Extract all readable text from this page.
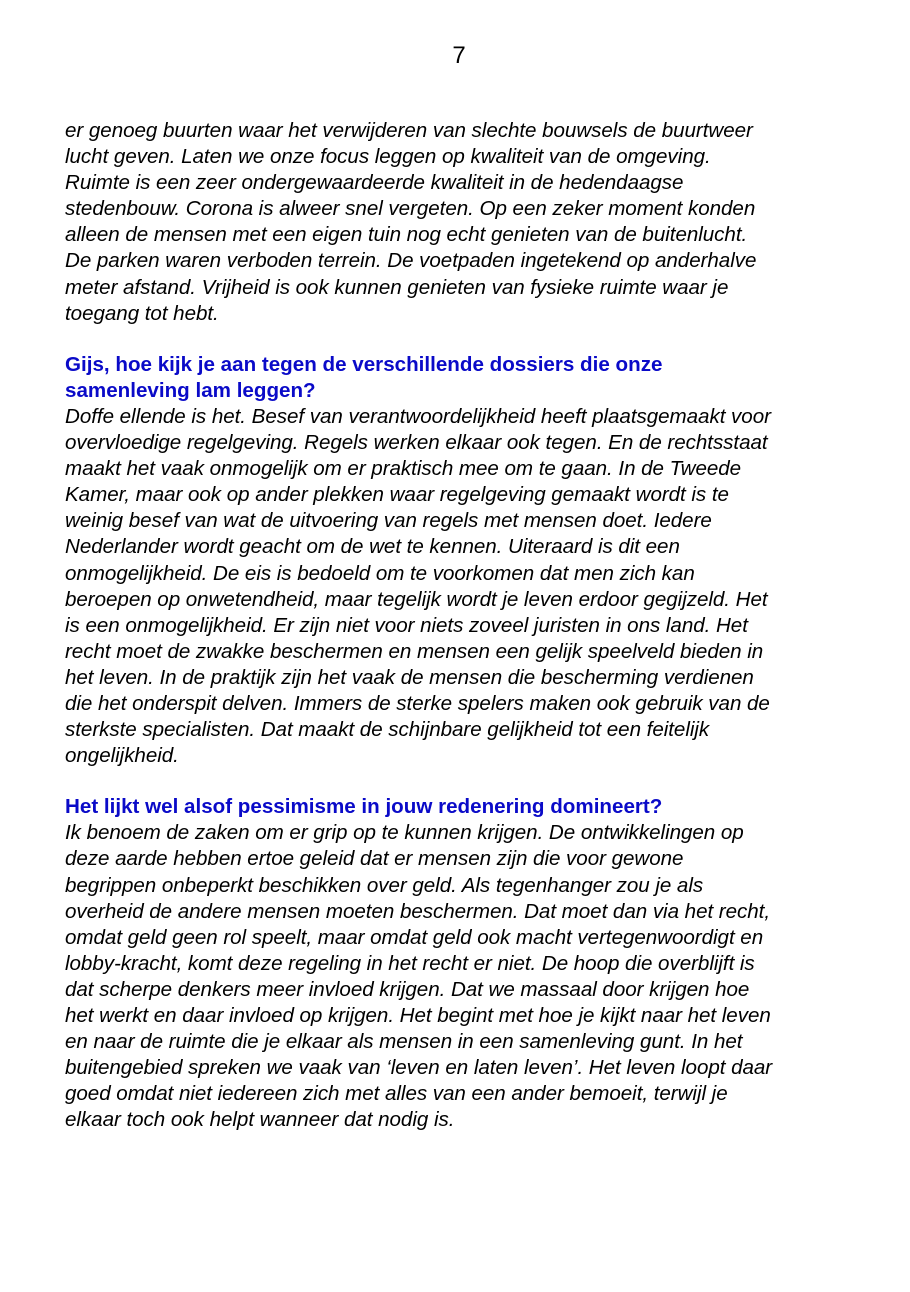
7
er genoeg buurten waar het verwijderen van slechte bouwsels de buurtweer
lucht geven. Laten we onze focus leggen op kwaliteit van de omgeving.
Ruimte is een zeer ondergewaardeerde kwaliteit in de hedendaagse
stedenbouw. Corona is alweer snel vergeten. Op een zeker moment konden
alleen de mensen met een eigen tuin nog echt genieten van de buitenlucht.
De parken waren verboden terrein. De voetpaden ingetekend op anderhalve
meter afstand. Vrijheid is ook kunnen genieten van fysieke ruimte waar je
toegang tot hebt.
Gijs, hoe kijk je aan tegen de verschillende dossiers die onze
samenleving lam leggen?
Doffe ellende is het. Besef van verantwoordelijkheid heeft plaatsgemaakt voor
overvloedige regelgeving. Regels werken elkaar ook tegen. En de rechtsstaat
maakt het vaak onmogelijk om er praktisch mee om te gaan. In de Tweede
Kamer, maar ook op ander plekken waar regelgeving gemaakt wordt is te
weinig besef van wat de uitvoering van regels met mensen doet. Iedere
Nederlander wordt geacht om de wet te kennen. Uiteraard is dit een
onmogelijkheid. De eis is bedoeld om te voorkomen dat men zich kan
beroepen op onwetendheid, maar tegelijk wordt je leven erdoor gegijzeld. Het
is een onmogelijkheid. Er zijn niet voor niets zoveel juristen in ons land. Het
recht moet de zwakke beschermen en mensen een gelijk speelveld bieden in
het leven. In de praktijk zijn het vaak de mensen die bescherming verdienen
die het onderspit delven. Immers de sterke spelers maken ook gebruik van de
sterkste specialisten. Dat maakt de schijnbare gelijkheid tot een feitelijk
ongelijkheid.
Het lijkt wel alsof pessimisme in jouw redenering domineert?
Ik benoem de zaken om er grip op te kunnen krijgen. De ontwikkelingen op
deze aarde hebben ertoe geleid dat er mensen zijn die voor gewone
begrippen onbeperkt beschikken over geld. Als tegenhanger zou je als
overheid de andere mensen moeten beschermen. Dat moet dan via het recht,
omdat geld geen rol speelt, maar omdat geld ook macht vertegenwoordigt en
lobby-kracht, komt deze regeling in het recht er niet. De hoop die overblijft is
dat scherpe denkers meer invloed krijgen. Dat we massaal door krijgen hoe
het werkt en daar invloed op krijgen. Het begint met hoe je kijkt naar het leven
en naar de ruimte die je elkaar als mensen in een samenleving gunt. In het
buitengebied spreken we vaak van ‘leven en laten leven’. Het leven loopt daar
goed omdat niet iedereen zich met alles van een ander bemoeit, terwijl je
elkaar toch ook helpt wanneer dat nodig is.
